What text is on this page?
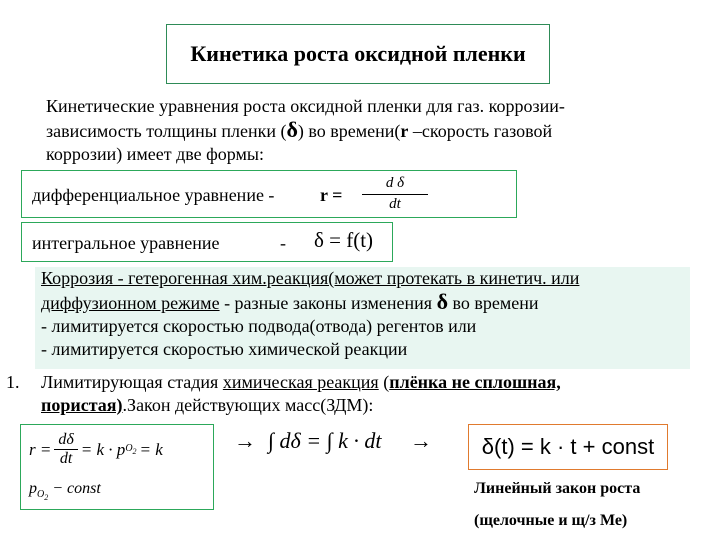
Кинетика роста оксидной пленки
Кинетические уравнения роста оксидной пленки для газ. коррозии-
зависимость толщины пленки (δ) во времени(r –скорость газовой
коррозии) имеет две формы:
дифференциальное уравнение -	$r = \frac{\text{d δ}}{dt}$
интегральное уравнение	- δ = f(t)
Коррозия - гетерогенная хим.реакция(может протекать в кинетич. или
диффузионном режиме - разные законы изменения δ во времени
- лимитируется скоростью подвода(отвода) регентов или
- лимитируется скоростью химической реакции
1. Лимитирующая стадия химическая реакция (плёнка не сплошная,
пористая).Закон действующих масс(ЗДМ):
$r = \frac{d\delta}{dt} = k \cdot p$ $O_2 = k$
$p_{O_2}$ − const
→ ∫ dδ = ∫ k · dt → δ(t) = k · t + const
Линейный закон роста
(щелочные и щ/з Ме)
